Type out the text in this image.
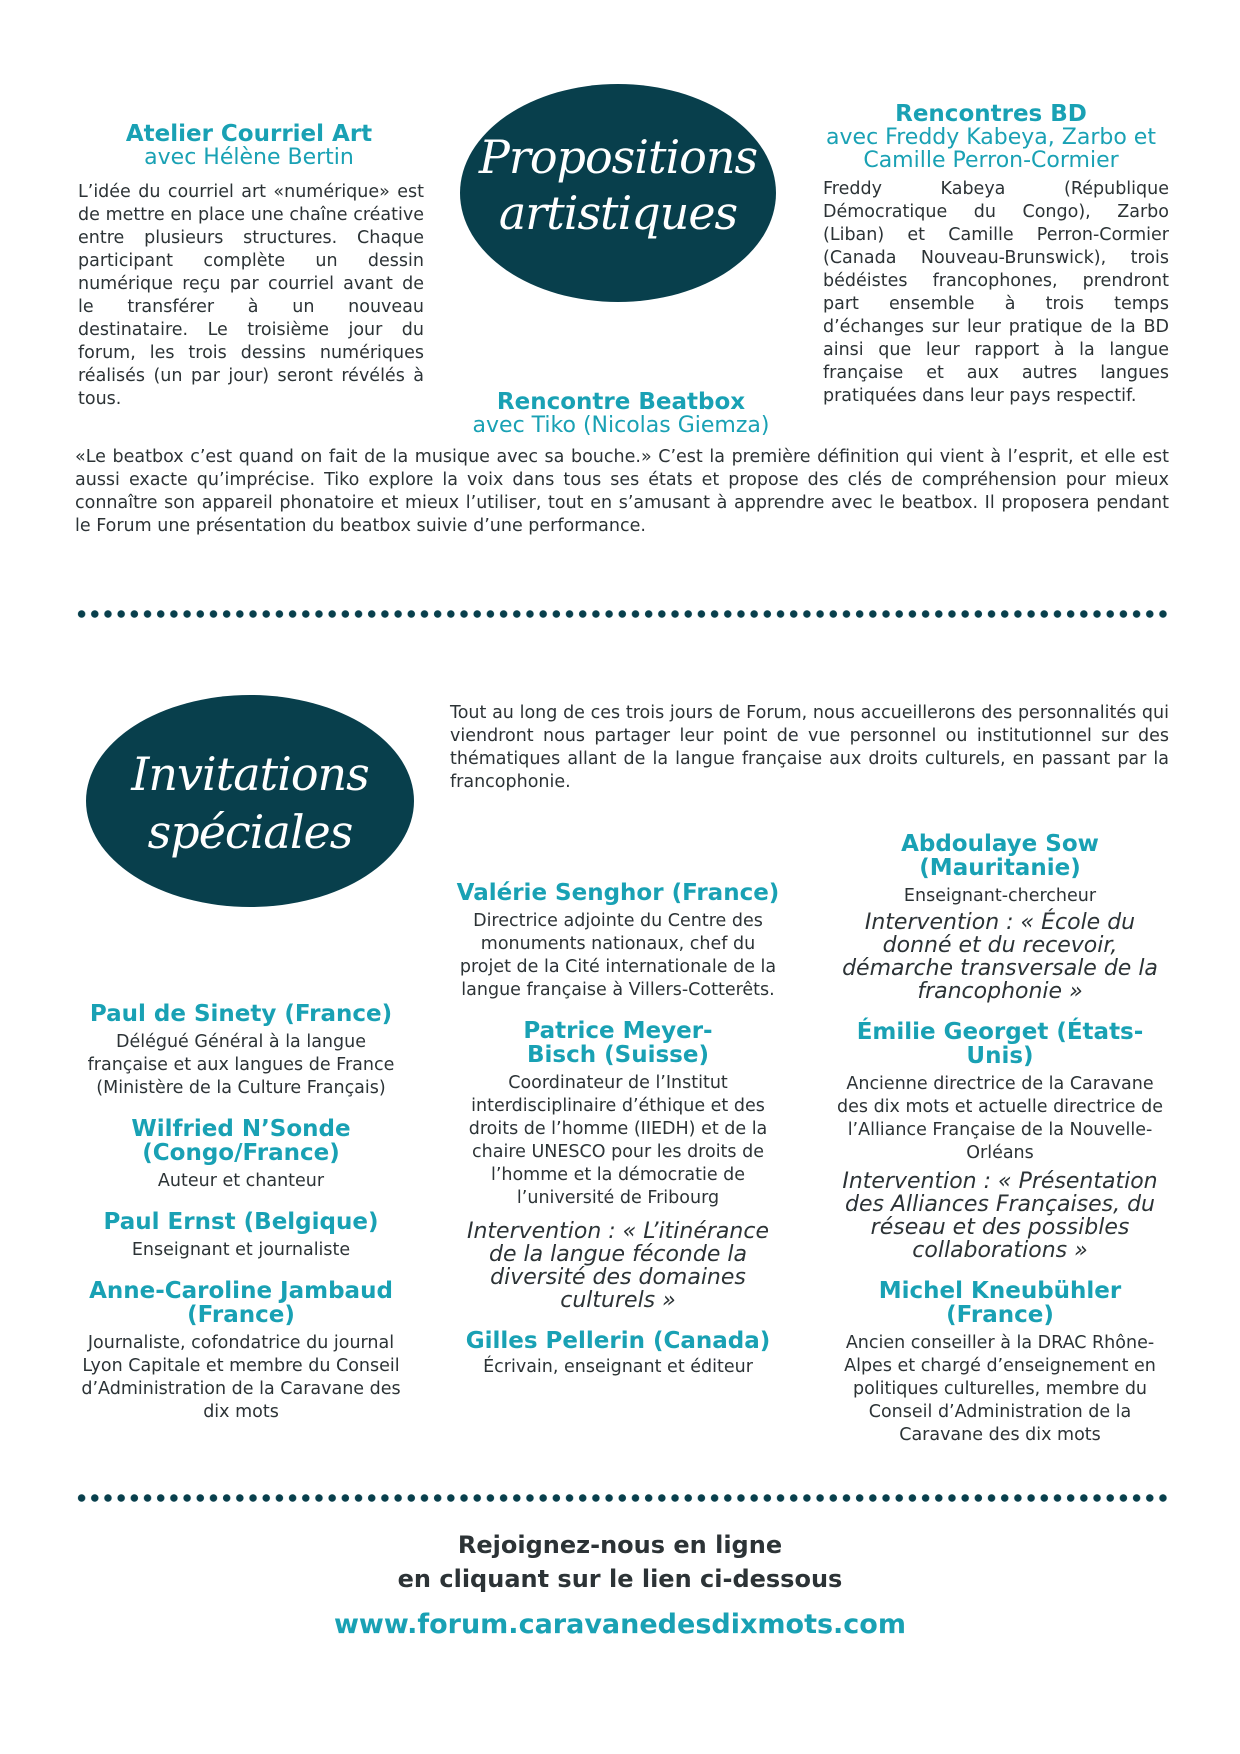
Propositions
artistiques
Atelier Courriel Art
avec Hélène Bertin
L’idée du courriel art «numérique» est de mettre en place une chaîne créative entre plusieurs structures. Chaque participant complète un dessin numérique reçu par courriel avant de le transférer à un nouveau destinataire. Le troisième jour du forum, les trois dessins numériques réalisés (un par jour) seront révélés à tous.
Rencontres BD
avec Freddy Kabeya, Zarbo et
Camille Perron-Cormier
Freddy Kabeya (République Démocratique du Congo), Zarbo (Liban) et Camille Perron-Cormier (Canada Nouveau-Brunswick), trois bédéistes francophones, prendront part ensemble à trois temps d’échanges sur leur pratique de la BD ainsi que leur rapport à la langue française et aux autres langues pratiquées dans leur pays respectif.
Rencontre Beatbox
avec Tiko (Nicolas Giemza)
«Le beatbox c’est quand on fait de la musique avec sa bouche.» C’est la première définition qui vient à l’esprit, et elle est aussi exacte qu’imprécise. Tiko explore la voix dans tous ses états et propose des clés de compréhension pour mieux connaître son appareil phonatoire et mieux l’utiliser, tout en s’amusant à apprendre avec le beatbox. Il proposera pendant le Forum une présentation du beatbox suivie d’une performance.
Invitations
spéciales
Tout au long de ces trois jours de Forum, nous accueillerons des personnalités qui viendront nous partager leur point de vue personnel ou institutionnel sur des thématiques allant de la langue française aux droits culturels, en passant par la francophonie.
Paul de Sinety (France)
Délégué Général à la langue française et aux langues de France (Ministère de la Culture Français)
Wilfried N’Sonde (Congo/France)
Auteur et chanteur
Paul Ernst (Belgique)
Enseignant et journaliste
Anne-Caroline Jambaud (France)
Journaliste, cofondatrice du journal Lyon Capitale et membre du Conseil d’Administration de la Caravane des dix mots
Valérie Senghor (France)
Directrice adjointe du Centre des monuments nationaux, chef du projet de la Cité internationale de la langue française à Villers-Cotterêts.
Patrice Meyer-Bisch (Suisse)
Coordinateur de l’Institut interdisciplinaire d’éthique et des droits de l’homme (IIEDH) et de la chaire UNESCO pour les droits de l’homme et la démocratie de l’université de Fribourg
Intervention : « L’itinérance de la langue féconde la diversité des domaines culturels »
Gilles Pellerin (Canada)
Écrivain, enseignant et éditeur
Abdoulaye Sow (Mauritanie)
Enseignant-chercheur
Intervention : « École du donné et du recevoir, démarche transversale de la francophonie »
Émilie Georget (États-Unis)
Ancienne directrice de la Caravane des dix mots et actuelle directrice de l’Alliance Française de la Nouvelle-Orléans
Intervention : « Présentation des Alliances Françaises, du réseau et des possibles collaborations »
Michel Kneubühler (France)
Ancien conseiller à la DRAC Rhône-Alpes et chargé d’enseignement en politiques culturelles, membre du Conseil d’Administration de la Caravane des dix mots
Rejoignez-nous en ligne
en cliquant sur le lien ci-dessous
www.forum.caravanedesdixmots.com
